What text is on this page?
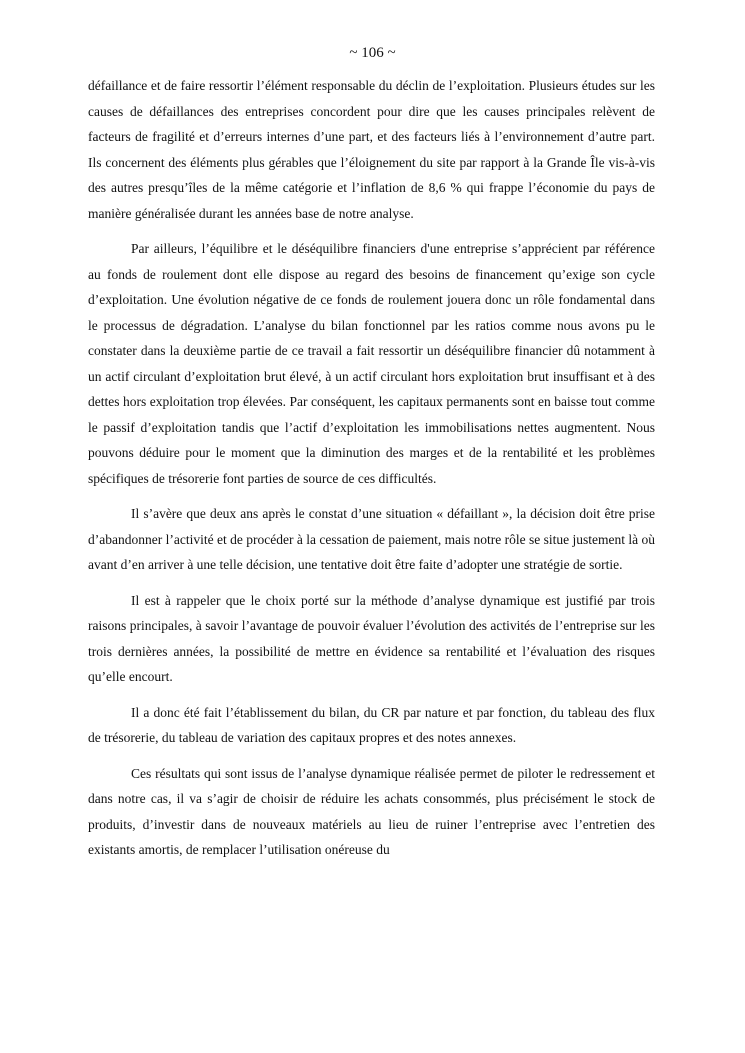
~ 106 ~

défaillance et de faire ressortir l’élément responsable du déclin de l’exploitation. Plusieurs études sur les causes de défaillances des entreprises concordent pour dire que les causes principales relèvent de facteurs de fragilité et d’erreurs internes d’une part, et des facteurs liés à l’environnement d’autre part. Ils concernent des éléments plus gérables que l’éloignement du site par rapport à la Grande Île vis-à-vis des autres presqu’îles de la même catégorie et l’inflation de 8,6 % qui frappe l’économie du pays de manière généralisée durant les années base de notre analyse.

Par ailleurs, l’équilibre et le déséquilibre financiers d'une entreprise s’apprécient par référence au fonds de roulement dont elle dispose au regard des besoins de financement qu’exige son cycle d’exploitation. Une évolution négative de ce fonds de roulement jouera donc un rôle fondamental dans le processus de dégradation. L’analyse du bilan fonctionnel par les ratios comme nous avons pu le constater dans la deuxième partie de ce travail a fait ressortir un déséquilibre financier dû notamment à un actif circulant d’exploitation brut élevé, à un actif circulant hors exploitation brut insuffisant et à des dettes hors exploitation trop élevées. Par conséquent, les capitaux permanents sont en baisse tout comme le passif d’exploitation tandis que l’actif d’exploitation les immobilisations nettes augmentent. Nous pouvons déduire pour le moment que la diminution des marges et de la rentabilité et les problèmes spécifiques de trésorerie font parties de source de ces difficultés.

Il s’avère que deux ans après le constat d’une situation « défaillant », la décision doit être prise d’abandonner l’activité et de procéder à la cessation de paiement, mais notre rôle se situe justement là où avant d’en arriver à une telle décision, une tentative doit être faite d’adopter une stratégie de sortie.

Il est à rappeler que le choix porté sur la méthode d’analyse dynamique est justifié par trois raisons principales, à savoir l’avantage de pouvoir évaluer l’évolution des activités de l’entreprise sur les trois dernières années, la possibilité de mettre en évidence sa rentabilité et l’évaluation des risques qu’elle encourt.

Il a donc été fait l’établissement du bilan, du CR par nature et par fonction, du tableau des flux de trésorerie, du tableau de variation des capitaux propres et des notes annexes.

Ces résultats qui sont issus de l’analyse dynamique réalisée permet de piloter le redressement et dans notre cas, il va s’agir de choisir de réduire les achats consommés, plus précisément le stock de produits, d’investir dans de nouveaux matériels au lieu de ruiner l’entreprise avec l’entretien des existants amortis, de remplacer l’utilisation onéreuse du
